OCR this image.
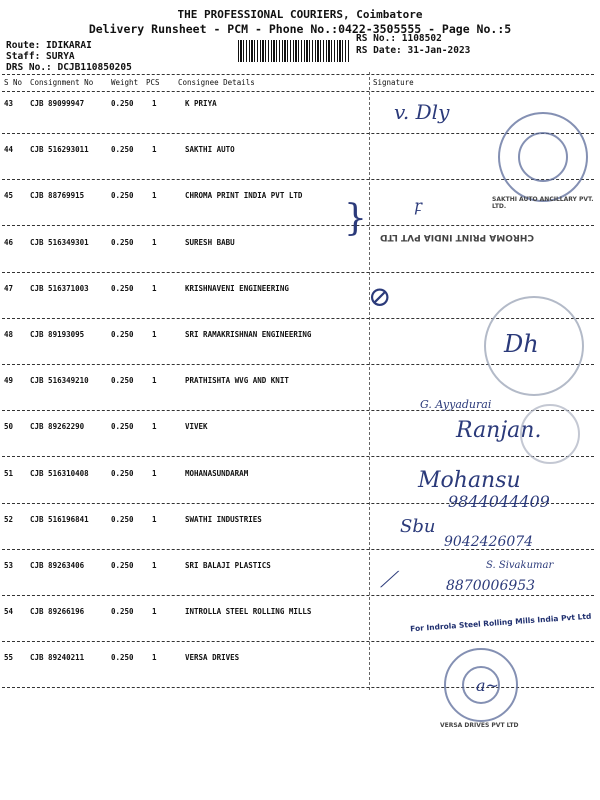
THE PROFESSIONAL COURIERS, Coimbatore
Delivery Runsheet - PCM - Phone No.:0422-3505555 - Page No.:5
Route: IDIKARAI
Staff: SURYA
DRS No.: DCJB110850205
RS No.: 1108502
RS Date: 31-Jan-2023
S No Consignment No Weight PCS Consignee Details	Signature
43 CJB 89099947	0.250 1	K PRIYA
44 CJB 516293011	0.250 1	SAKTHI AUTO
45 CJB 88769915	0.250 1	CHROMA PRINT INDIA PVT LTD
46 CJB 516349301	0.250 1	SURESH BABU
47 CJB 516371003	0.250 1	KRISHNAVENI ENGINEERING
48 CJB 89193095	0.250 1	SRI RAMAKRISHNAN ENGINEERING
49 CJB 516349210	0.250 1	PRATHISHTA WVG AND KNIT
50 CJB 89262290	0.250 1	VIVEK
51 CJB 516310408	0.250 1	MOHANASUNDARAM
52 CJB 516196841	0.250 1	SWATHI INDUSTRIES
53 CJB 89263406	0.250 1	SRI BALAJI PLASTICS
54 CJB 89266196	0.250 1	INTROLLA STEEL ROLLING MILLS
55 CJB 89240211	0.250 1	VERSA DRIVES
v. Dly
SAKTHI AUTO ANCILLARY PVT. LTD.
CHROMA PRINT INDIA PVT LTD
}	ꝼ
⊘
Dh
G. Ayyadurai
Ranjan.
Mohansu
9844044409
Sbu
9042426074
S. Sivakumar
8870006953
⟋
For Indrola Steel Rolling Mills India Pvt Ltd
VERSA DRIVES PVT LTD
a~
